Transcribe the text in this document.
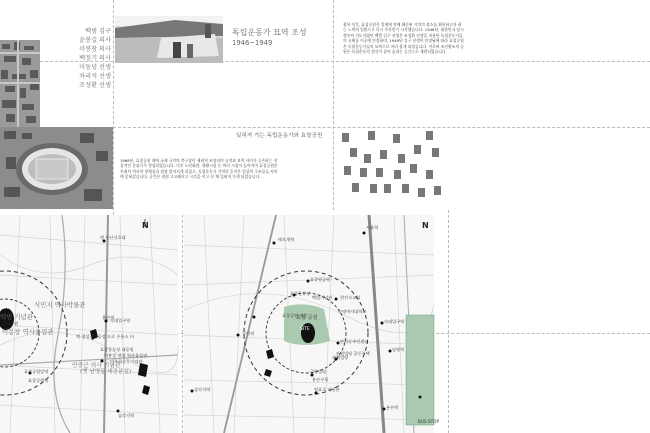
백범 김구
윤봉길 의사
이봉창 의사
백정기 의사
이동녕 선생
차리석 선생
조성환 선생
독립운동가 묘역 조성
1946~1949
광복 이후, 효창공원은 일제에 의해 훼손된 기억의 장소를 회복하고자 하는 노력의 일환으로 다시 주목받기 시작했습니다. 1946년, 대한민국 임시정부의 지도자였던 백범 김구 선생은 조성환 선생을 비롯한 독립운동가들의 유해를 이곳에 안장하며, 1949년 김구 선생이 안장됨에 따라 효창공원은 독립운동가들의 묘역으로 자리 잡게 되었습니다. 이로써 조선왕조의 공원은 독립운동의 정신이 살아 숨쉬는 공간으로 재편되었습니다.
잊혀져 가는 독립운동가와 효창공원
1968년, 효창공원 내에 국제 규격의 축구장이 세워져 조성되며 유적과 묘역 사이가 공존하는 이질적인 분위기가 형성되었습니다. 이후 노인회관, 생활시설 등 여러 시설이 들어서며 효창공원은 본래의 역사적 정체성과 점점 멀어지게 되었고, 독립운동가 기억의 흔적은 일상의 구조물들 사이에 묻혀갔습니다. 공간은 점점 고요해지고 시간을 이고 선 채 잊혀져 가게 되었습니다.
SITE	식민지 역사박물관
백범 기념관
독립공원
이봉창 역사울림관
옛 용산신호대
옛 경성전기공장 도로 수용소 터
안중근 의사 기념관
용산역
숙대입구역
효창공원앞역
효창운동장 대공원
이봉창 선생 역사울림관
민주화운동기념관
(옛 남영동 대공분실)
효창공원역
삼각지역
N
SITE
효창 공원
효창원공원
효창운동장
백범기념관
숙대입구역
남영역
공덕역
애오개역
서울역
용산역
삼각지역
현진숙교회
숙명여자대학교
만리동주민센터
관원빌딩
관원빌딩 공동주택
금양빌딩
용산구청
효창공원 정문
원효로 이편한
BUS STOP
N
